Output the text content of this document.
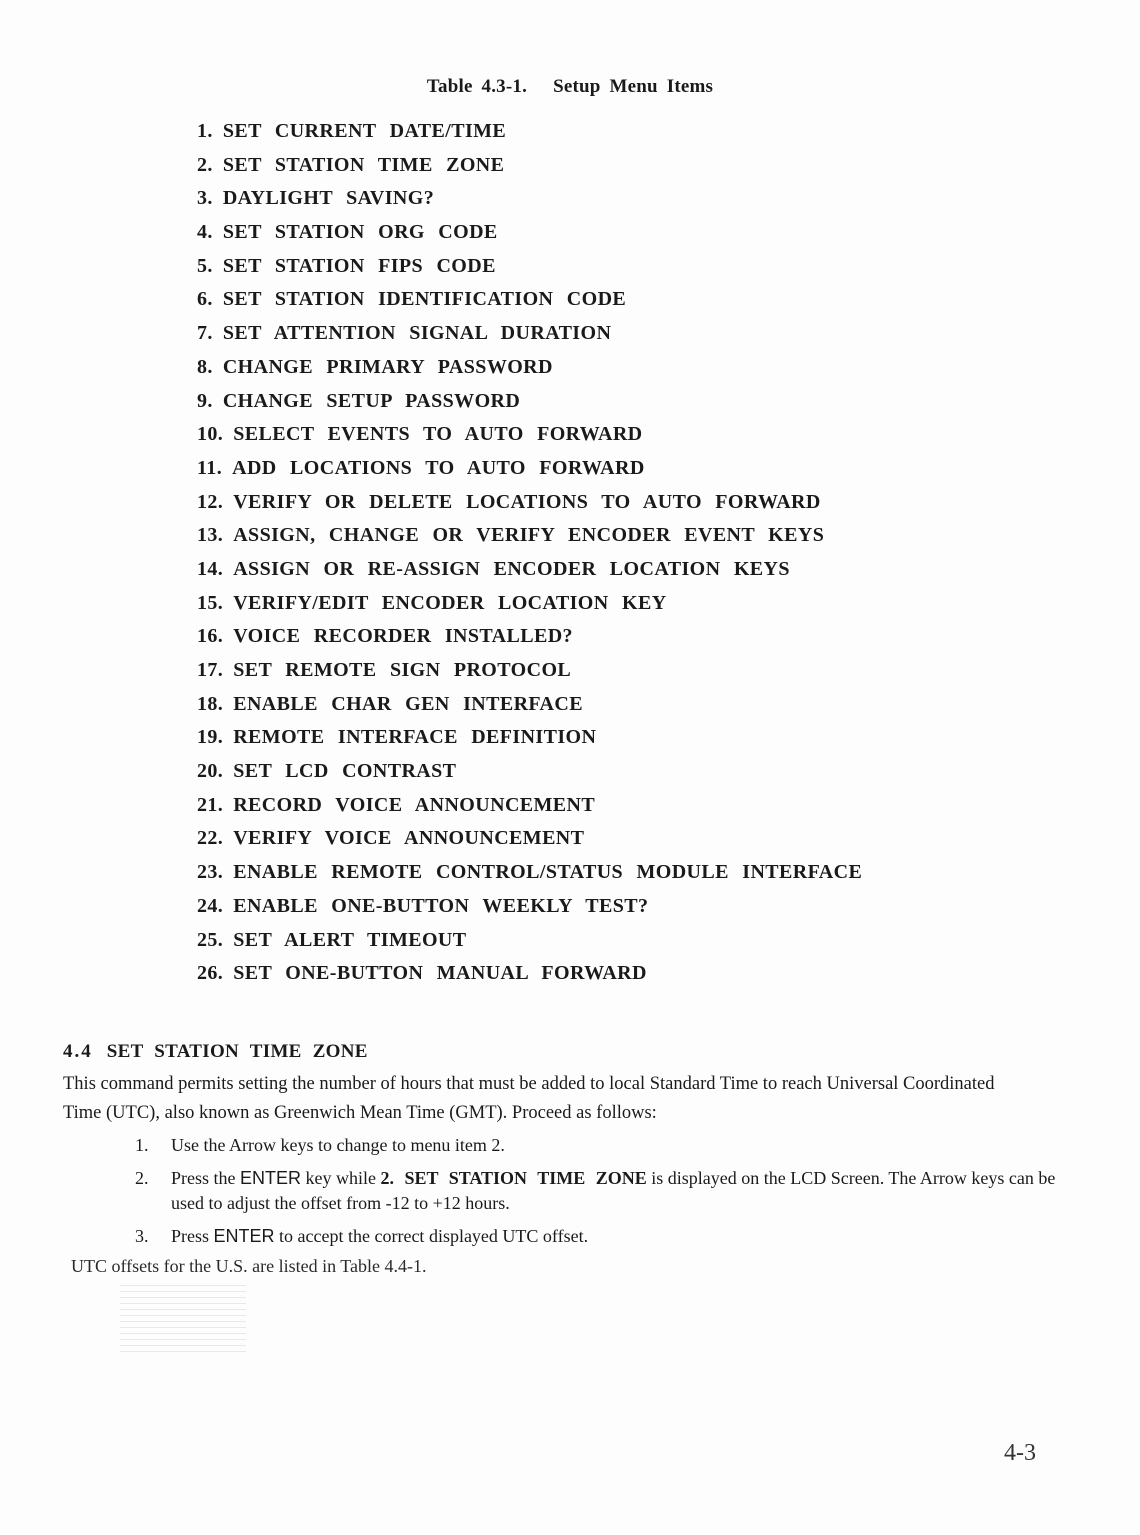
Table 4.3-1. Setup Menu Items
1. SET CURRENT DATE/TIME
2. SET STATION TIME ZONE
3. DAYLIGHT SAVING?
4. SET STATION ORG CODE
5. SET STATION FIPS CODE
6. SET STATION IDENTIFICATION CODE
7. SET ATTENTION SIGNAL DURATION
8. CHANGE PRIMARY PASSWORD
9. CHANGE SETUP PASSWORD
10. SELECT EVENTS TO AUTO FORWARD
11. ADD LOCATIONS TO AUTO FORWARD
12. VERIFY OR DELETE LOCATIONS TO AUTO FORWARD
13. ASSIGN, CHANGE OR VERIFY ENCODER EVENT KEYS
14. ASSIGN OR RE-ASSIGN ENCODER LOCATION KEYS
15. VERIFY/EDIT ENCODER LOCATION KEY
16. VOICE RECORDER INSTALLED?
17. SET REMOTE SIGN PROTOCOL
18. ENABLE CHAR GEN INTERFACE
19. REMOTE INTERFACE DEFINITION
20. SET LCD CONTRAST
21. RECORD VOICE ANNOUNCEMENT
22. VERIFY VOICE ANNOUNCEMENT
23. ENABLE REMOTE CONTROL/STATUS MODULE INTERFACE
24. ENABLE ONE-BUTTON WEEKLY TEST?
25. SET ALERT TIMEOUT
26. SET ONE-BUTTON MANUAL FORWARD
4.4 SET STATION TIME ZONE

This command permits setting the number of hours that must be added to local Standard Time to reach Universal Coordinated Time (UTC), also known as Greenwich Mean Time (GMT). Proceed as follows:

1. Use the Arrow keys to change to menu item 2.
2. Press the ENTER key while 2. SET STATION TIME ZONE is displayed on the LCD Screen. The Arrow keys can be used to adjust the offset from -12 to +12 hours.
3. Press ENTER to accept the correct displayed UTC offset.
UTC offsets for the U.S. are listed in Table 4.4-1.
4-3
